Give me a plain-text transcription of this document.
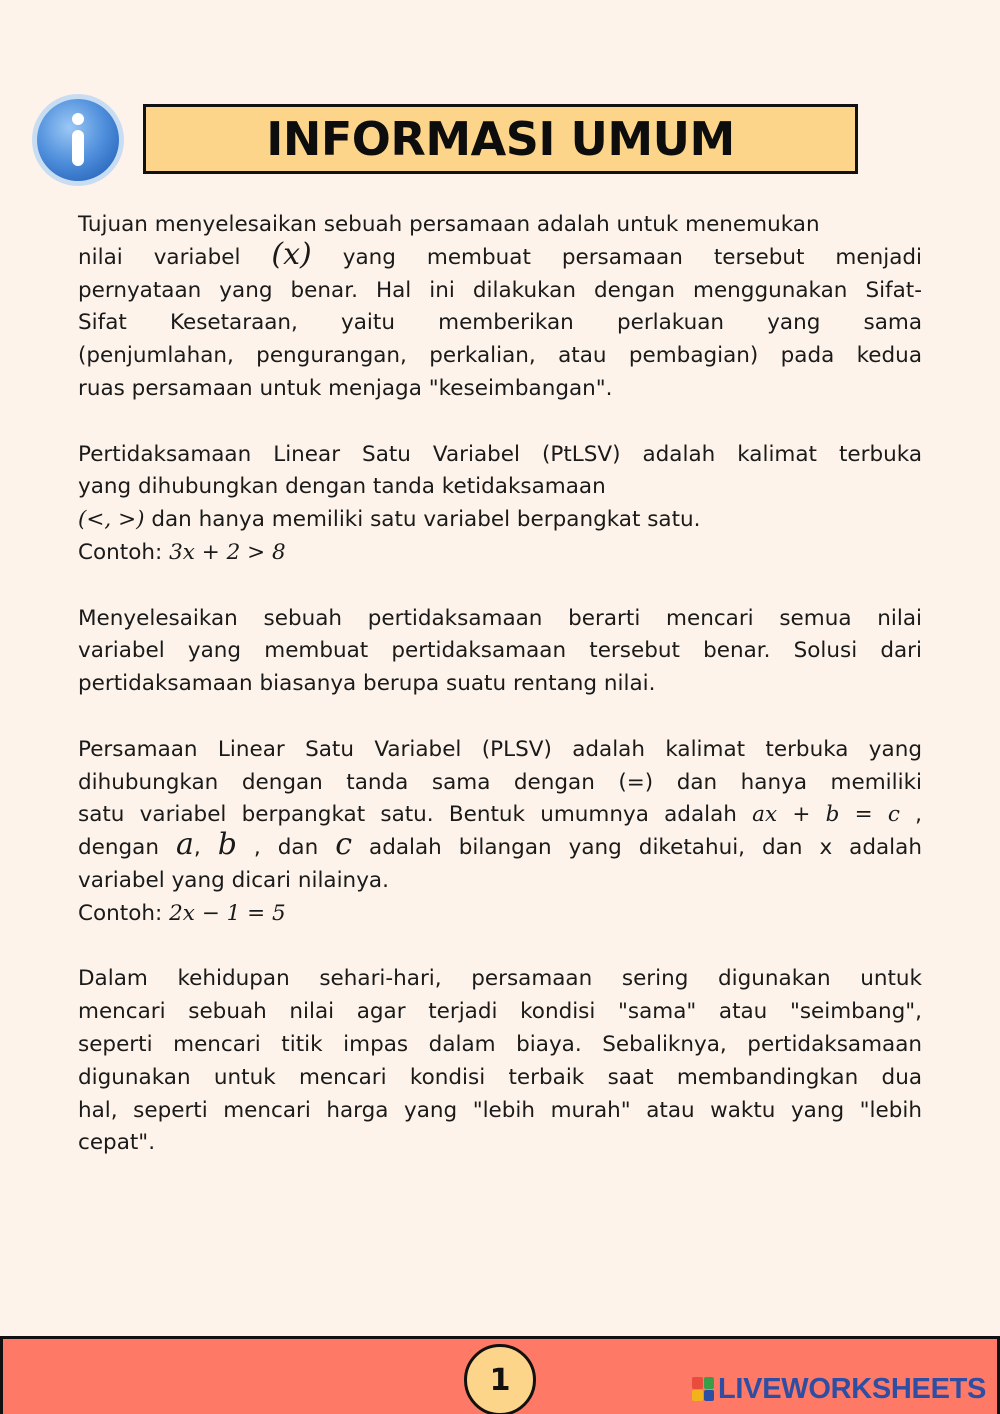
INFORMASI UMUM
Tujuan menyelesaikan sebuah persamaan adalah untuk menemukan
nilai variabel (𝑥) yang membuat persamaan tersebut menjadi
pernyataan yang benar. Hal ini dilakukan dengan menggunakan Sifat-
Sifat Kesetaraan, yaitu memberikan perlakuan yang sama
(penjumlahan, pengurangan, perkalian, atau pembagian) pada kedua
ruas persamaan untuk menjaga "keseimbangan".
Pertidaksamaan Linear Satu Variabel (PtLSV) adalah kalimat terbuka
yang dihubungkan dengan tanda ketidaksamaan
(<, >) dan hanya memiliki satu variabel berpangkat satu.
Contoh: 3x + 2 > 8
Menyelesaikan sebuah pertidaksamaan berarti mencari semua nilai
variabel yang membuat pertidaksamaan tersebut benar. Solusi dari
pertidaksamaan biasanya berupa suatu rentang nilai.
Persamaan Linear Satu Variabel (PLSV) adalah kalimat terbuka yang
dihubungkan dengan tanda sama dengan (=) dan hanya memiliki
satu variabel berpangkat satu. Bentuk umumnya adalah ax + b = c ,
dengan a, b , dan c adalah bilangan yang diketahui, dan x adalah
variabel yang dicari nilainya.
Contoh: 2x − 1 = 5
Dalam kehidupan sehari-hari, persamaan sering digunakan untuk
mencari sebuah nilai agar terjadi kondisi "sama" atau "seimbang",
seperti mencari titik impas dalam biaya. Sebaliknya, pertidaksamaan
digunakan untuk mencari kondisi terbaik saat membandingkan dua
hal, seperti mencari harga yang "lebih murah" atau waktu yang "lebih
cepat".
1	LIVEWORKSHEETS
